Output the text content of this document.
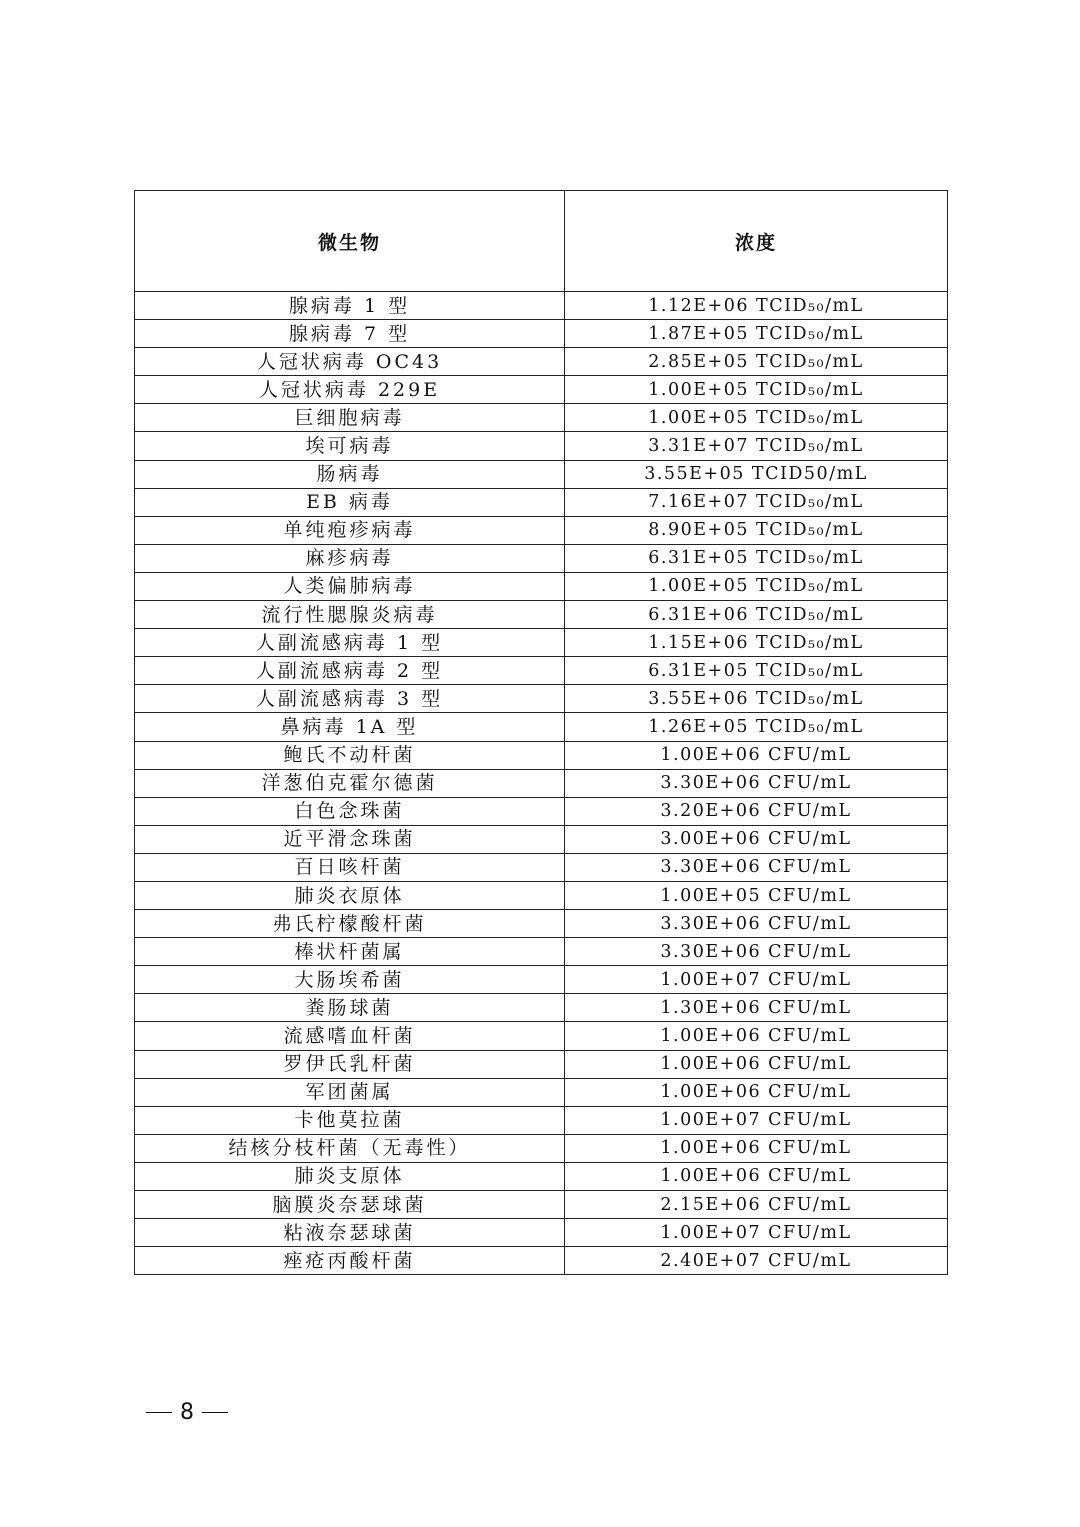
微生物	浓度
腺病毒 1 型	1.12E+06 TCID₅₀/mL
腺病毒 7 型	1.87E+05 TCID₅₀/mL
人冠状病毒 OC43	2.85E+05 TCID₅₀/mL
人冠状病毒 229E	1.00E+05 TCID₅₀/mL
巨细胞病毒	1.00E+05 TCID₅₀/mL
埃可病毒	3.31E+07 TCID₅₀/mL
肠病毒	3.55E+05 TCID50/mL
EB 病毒	7.16E+07 TCID₅₀/mL
单纯疱疹病毒	8.90E+05 TCID₅₀/mL
麻疹病毒	6.31E+05 TCID₅₀/mL
人类偏肺病毒	1.00E+05 TCID₅₀/mL
流行性腮腺炎病毒	6.31E+06 TCID₅₀/mL
人副流感病毒 1 型	1.15E+06 TCID₅₀/mL
人副流感病毒 2 型	6.31E+05 TCID₅₀/mL
人副流感病毒 3 型	3.55E+06 TCID₅₀/mL
鼻病毒 1A 型	1.26E+05 TCID₅₀/mL
鲍氏不动杆菌	1.00E+06 CFU/mL
洋葱伯克霍尔德菌	3.30E+06 CFU/mL
白色念珠菌	3.20E+06 CFU/mL
近平滑念珠菌	3.00E+06 CFU/mL
百日咳杆菌	3.30E+06 CFU/mL
肺炎衣原体	1.00E+05 CFU/mL
弗氏柠檬酸杆菌	3.30E+06 CFU/mL
棒状杆菌属	3.30E+06 CFU/mL
大肠埃希菌	1.00E+07 CFU/mL
粪肠球菌	1.30E+06 CFU/mL
流感嗜血杆菌	1.00E+06 CFU/mL
罗伊氏乳杆菌	1.00E+06 CFU/mL
军团菌属	1.00E+06 CFU/mL
卡他莫拉菌	1.00E+07 CFU/mL
结核分枝杆菌（无毒性）	1.00E+06 CFU/mL
肺炎支原体	1.00E+06 CFU/mL
脑膜炎奈瑟球菌	2.15E+06 CFU/mL
粘液奈瑟球菌	1.00E+07 CFU/mL
痤疮丙酸杆菌	2.40E+07 CFU/mL
8
